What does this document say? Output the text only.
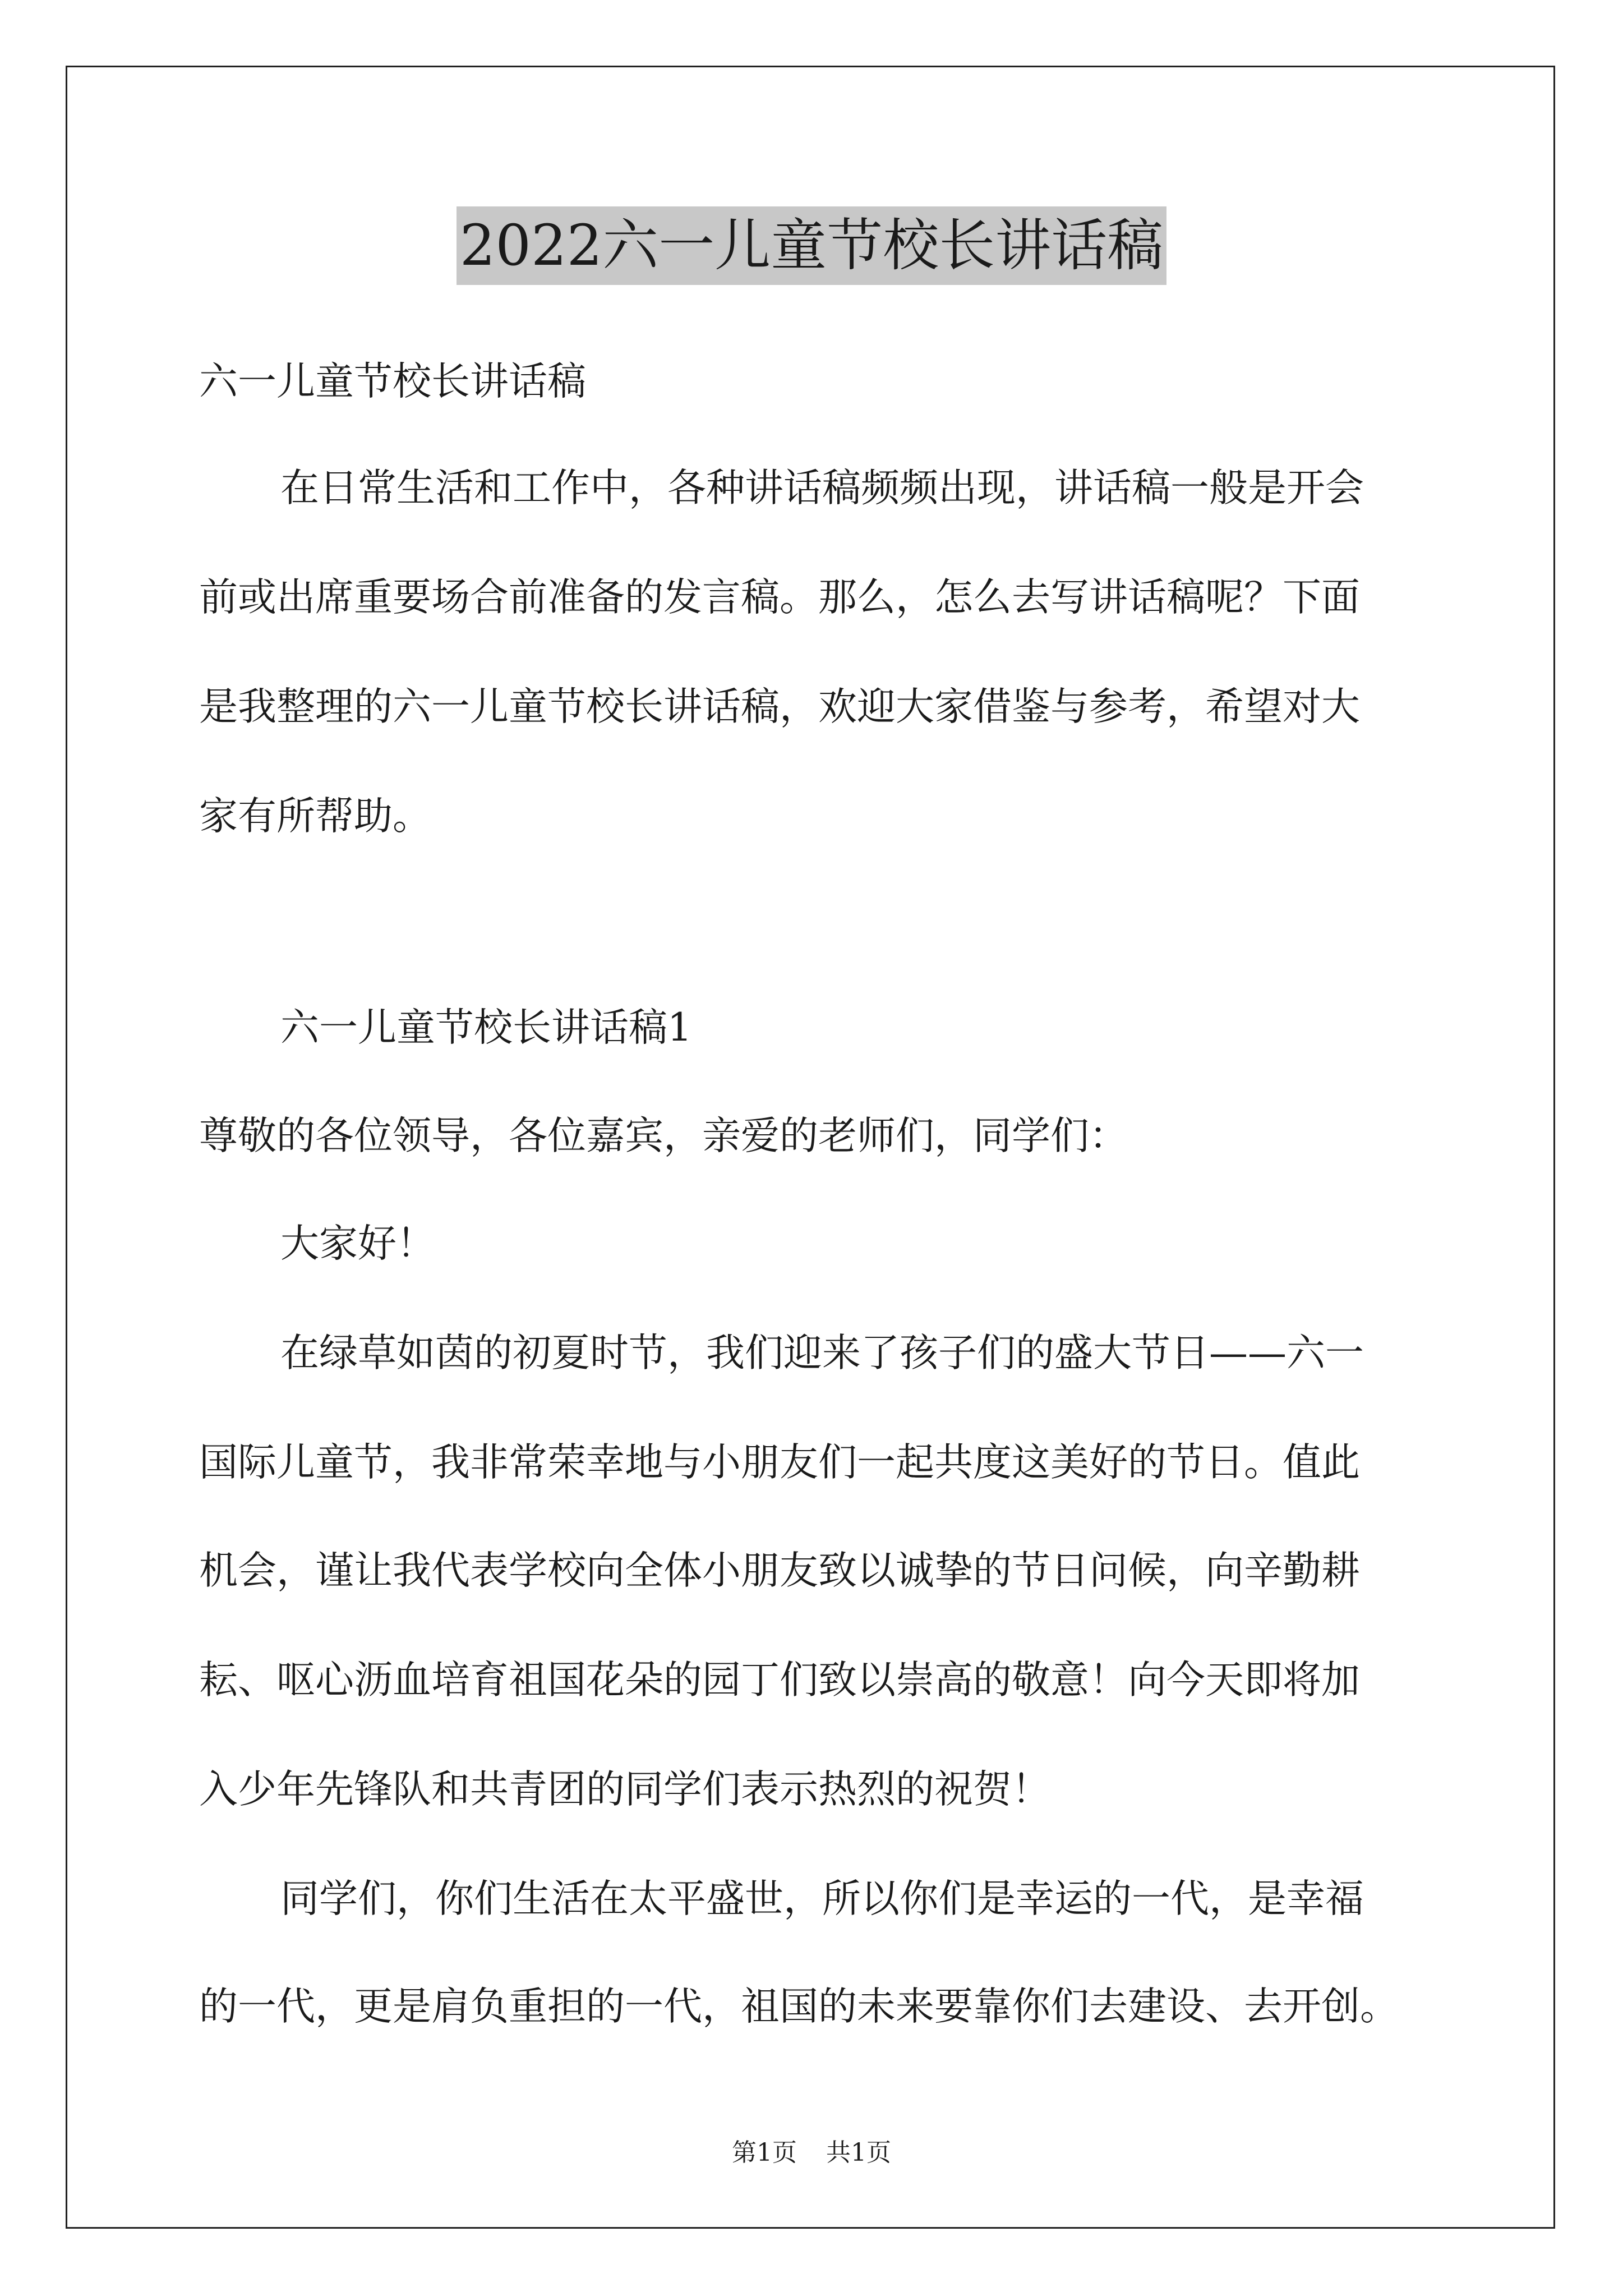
2022六一儿童节校长讲话稿
六一儿童节校长讲话稿
在日常生活和工作中，各种讲话稿频频出现，讲话稿一般是开会
前或出席重要场合前准备的发言稿。那么，怎么去写讲话稿呢？下面
是我整理的六一儿童节校长讲话稿，欢迎大家借鉴与参考，希望对大
家有所帮助。
六一儿童节校长讲话稿1
尊敬的各位领导，各位嘉宾，亲爱的老师们，同学们：
大家好！
在绿草如茵的初夏时节，我们迎来了孩子们的盛大节日——六一
国际儿童节，我非常荣幸地与小朋友们一起共度这美好的节日。值此
机会，谨让我代表学校向全体小朋友致以诚挚的节日问候，向辛勤耕
耘、呕心沥血培育祖国花朵的园丁们致以崇高的敬意！向今天即将加
入少年先锋队和共青团的同学们表示热烈的祝贺！
同学们，你们生活在太平盛世，所以你们是幸运的一代，是幸福
的一代，更是肩负重担的一代，祖国的未来要靠你们去建设、去开创。
第1页 共1页
